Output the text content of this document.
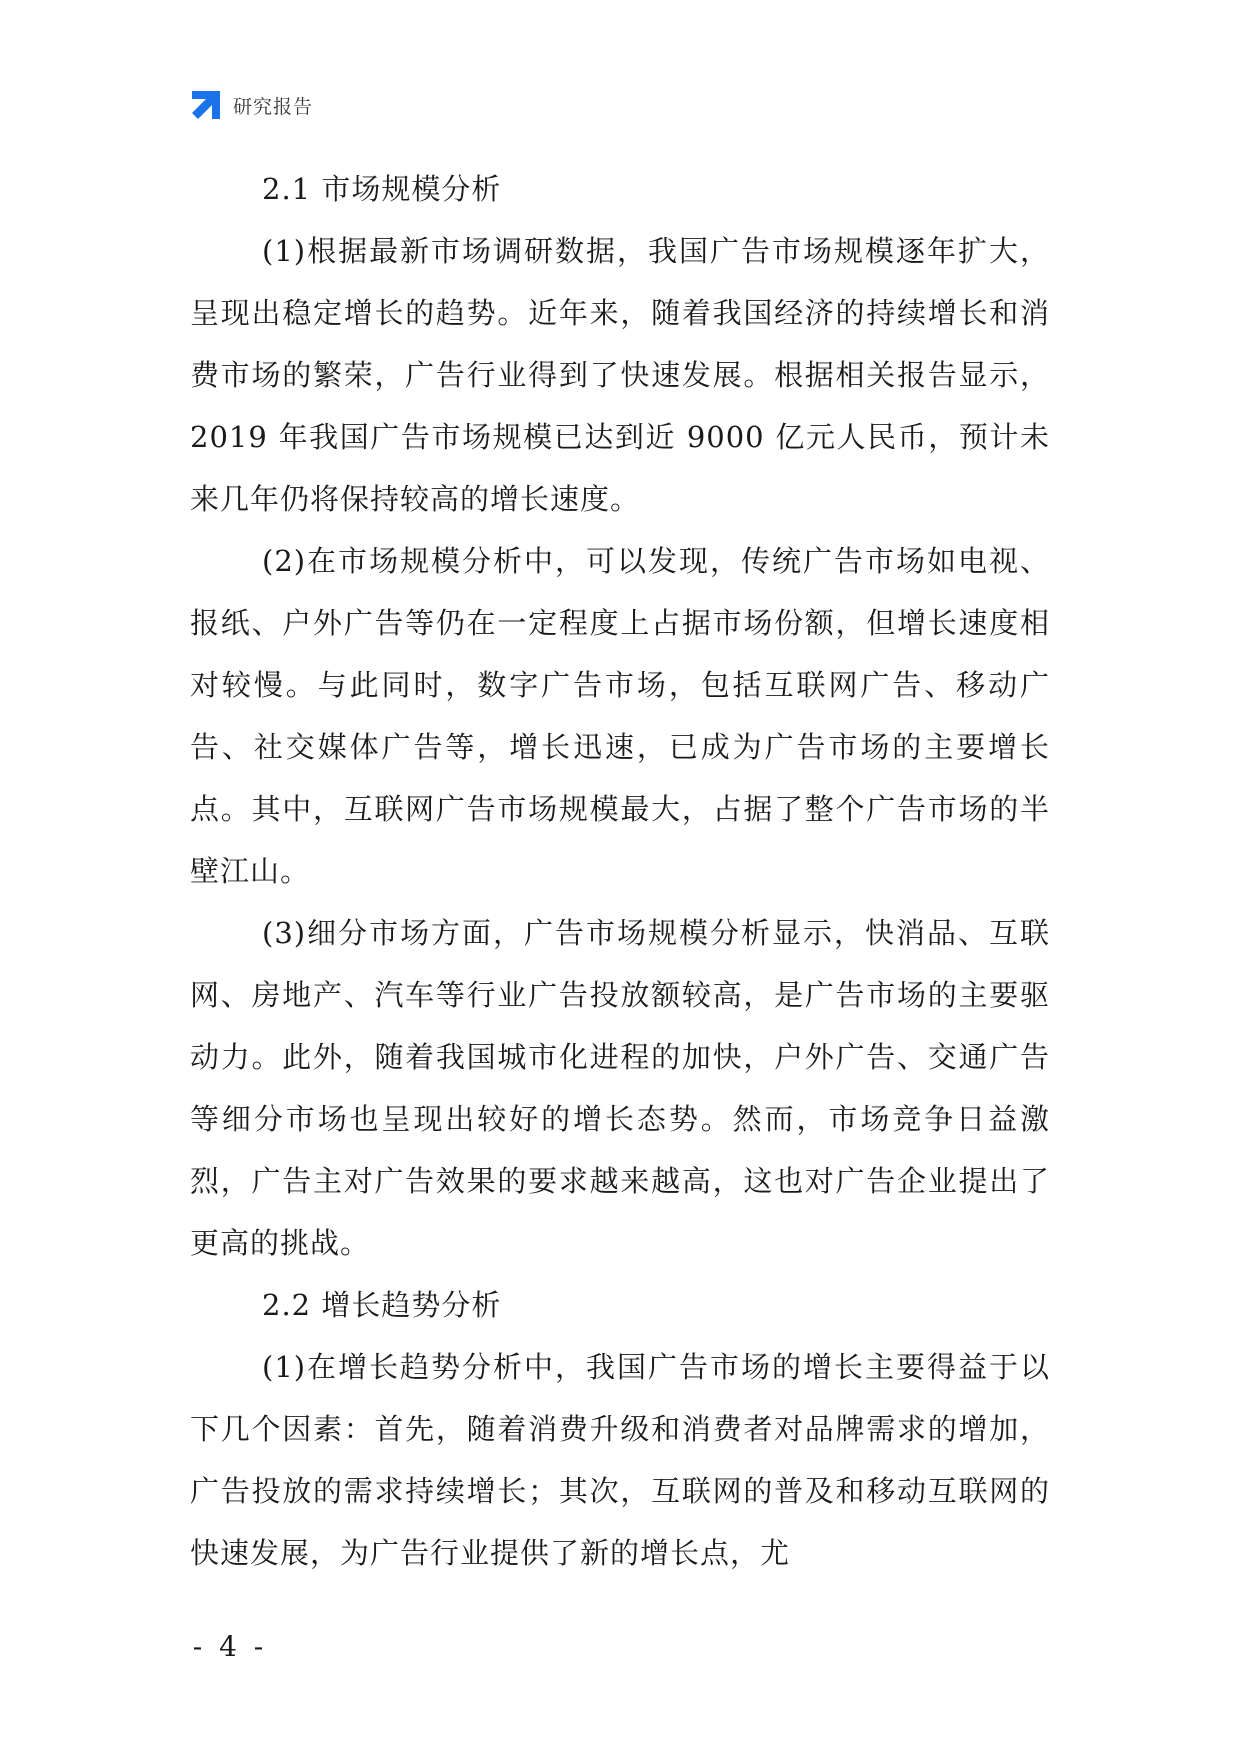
研究报告
2.1 市场规模分析

(1)根据最新市场调研数据，我国广告市场规模逐年扩大，呈现出稳定增长的趋势。近年来，随着我国经济的持续增长和消费市场的繁荣，广告行业得到了快速发展。根据相关报告显示，2019 年我国广告市场规模已达到近 9000 亿元人民币，预计未来几年仍将保持较高的增长速度。

(2)在市场规模分析中，可以发现，传统广告市场如电视、报纸、户外广告等仍在一定程度上占据市场份额，但增长速度相对较慢。与此同时，数字广告市场，包括互联网广告、移动广告、社交媒体广告等，增长迅速，已成为广告市场的主要增长点。其中，互联网广告市场规模最大，占据了整个广告市场的半壁江山。

(3)细分市场方面，广告市场规模分析显示，快消品、互联网、房地产、汽车等行业广告投放额较高，是广告市场的主要驱动力。此外，随着我国城市化进程的加快，户外广告、交通广告等细分市场也呈现出较好的增长态势。然而，市场竞争日益激烈，广告主对广告效果的要求越来越高，这也对广告企业提出了更高的挑战。

2.2 增长趋势分析

(1)在增长趋势分析中，我国广告市场的增长主要得益于以下几个因素：首先，随着消费升级和消费者对品牌需求的增加，广告投放的需求持续增长；其次，互联网的普及和移动互联网的快速发展，为广告行业提供了新的增长点，尤

- 4 -
